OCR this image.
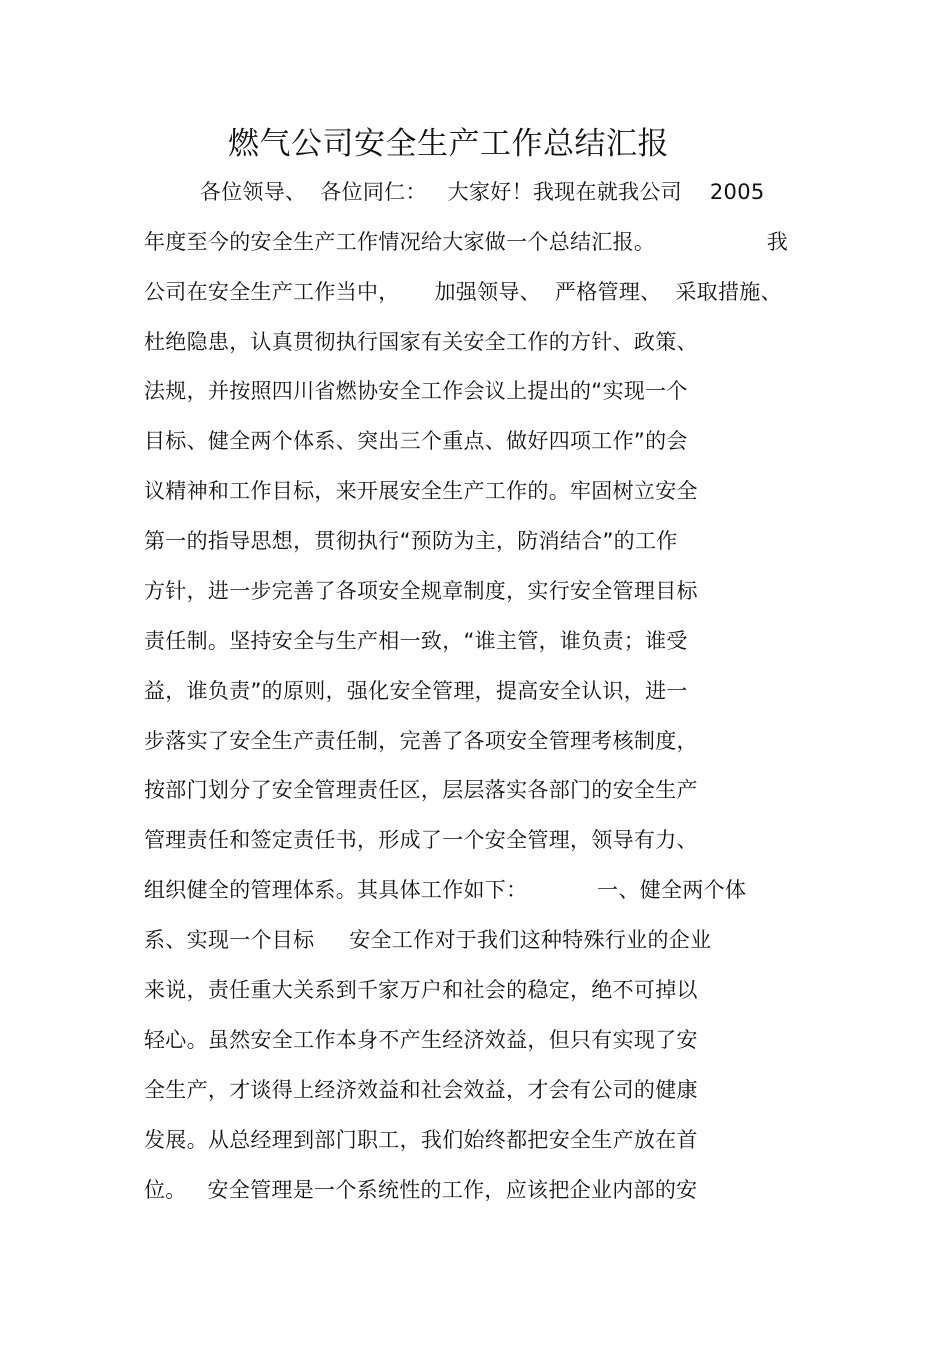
燃气公司安全生产工作总结汇报
各位领导、  各位同仁：   大家好！我现在就我公司    2005
年度至今的安全生产工作情况给大家做一个总结汇报。                我
公司在安全生产工作当中，     加强领导、  严格管理、  采取措施、
杜绝隐患，认真贯彻执行国家有关安全工作的方针、政策、
法规，并按照四川省燃协安全工作会议上提出的“实现一个
目标、健全两个体系、突出三个重点、做好四项工作”的会
议精神和工作目标，来开展安全生产工作的。牢固树立安全
第一的指导思想，贯彻执行“预防为主，防消结合”的工作
方针，进一步完善了各项安全规章制度，实行安全管理目标
责任制。坚持安全与生产相一致，“谁主管，谁负责；谁受
益，谁负责”的原则，强化安全管理，提高安全认识，进一
步落实了安全生产责任制，完善了各项安全管理考核制度，
按部门划分了安全管理责任区，层层落实各部门的安全生产
管理责任和签定责任书，形成了一个安全管理，领导有力、
组织健全的管理体系。其具体工作如下：          一、健全两个体
系、实现一个目标     安全工作对于我们这种特殊行业的企业
来说，责任重大关系到千家万户和社会的稳定，绝不可掉以
轻心。虽然安全工作本身不产生经济效益，但只有实现了安
全生产，才谈得上经济效益和社会效益，才会有公司的健康
发展。从总经理到部门职工，我们始终都把安全生产放在首
位。   安全管理是一个系统性的工作，应该把企业内部的安
